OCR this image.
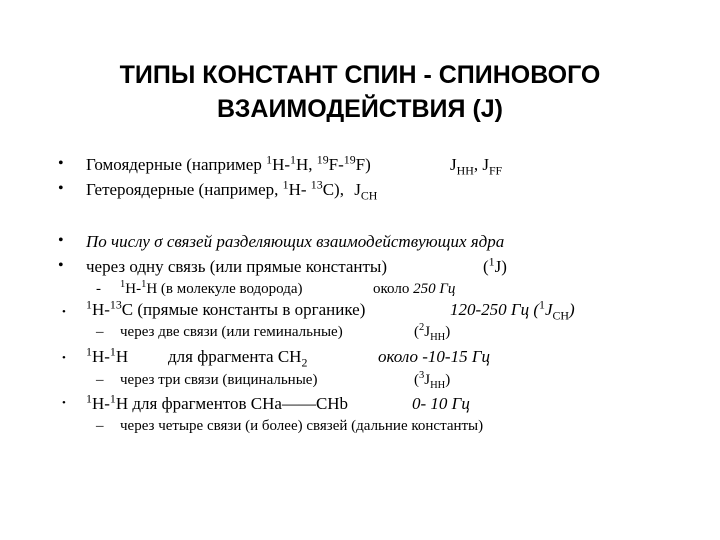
ТИПЫ КОНСТАНТ СПИН - СПИНОВОГО
ВЗАИМОДЕЙСТВИЯ (J)
• Гомоядерные (например $^1$H-$^1$H, $^{19}$F-$^{19}$F)	$J_{HH}$, $J_{FF}$
• Гетероядерные (например, $^1$H- $^{13}$C), $J_{CH}$
• По числу σ связей разделяющих взаимодействующих ядра
• через одну связь (или прямые константы)	($^1$J)
- $^1$H-$^1$H (в молекуле водорода)	около 250 Гц
•
$^1$H-$^{13}$C (прямые константы в органике)	120-250 Гц $(^1J_{CH})$
– через две связи (или геминальные)	$(^2J_{HH})$
• $^1$H-$^1$H для фрагмента $СН_2$	около -10-15 Гц
– через три связи (вицинальные)	$(^3J_{HH})$
• $^1$H-$^1$H для фрагментов СНа——СНb	0- 10 Гц
– через четыре связи (и более) связей (дальние константы)
